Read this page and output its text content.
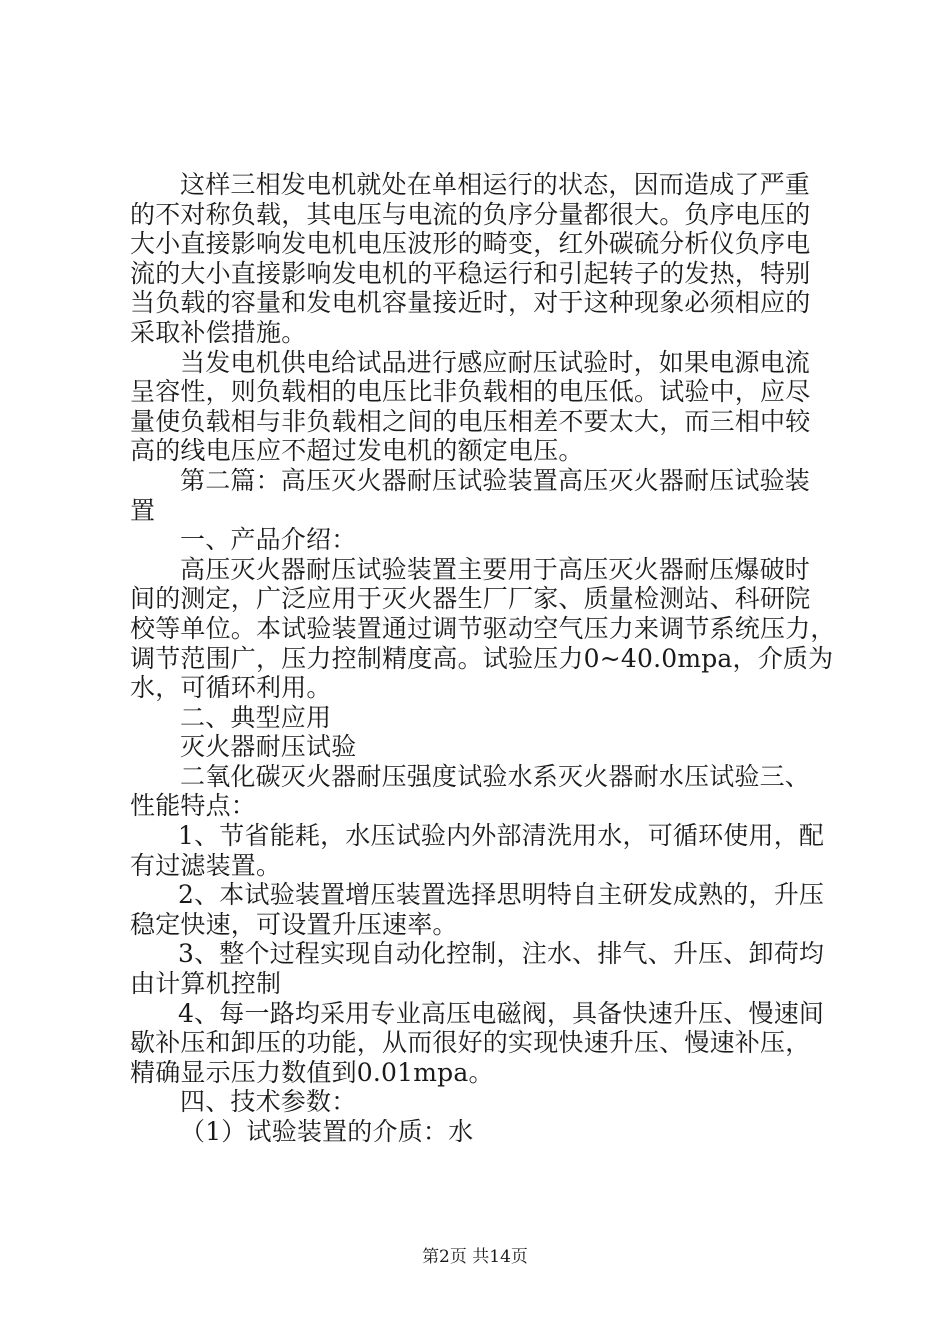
这样三相发电机就处在单相运行的状态，因而造成了严重
的不对称负载，其电压与电流的负序分量都很大。负序电压的
大小直接影响发电机电压波形的畸变，红外碳硫分析仪负序电
流的大小直接影响发电机的平稳运行和引起转子的发热，特别
当负载的容量和发电机容量接近时，对于这种现象必须相应的
采取补偿措施。
当发电机供电给试品进行感应耐压试验时，如果电源电流
呈容性，则负载相的电压比非负载相的电压低。试验中，应尽
量使负载相与非负载相之间的电压相差不要太大，而三相中较
高的线电压应不超过发电机的额定电压。
第二篇：高压灭火器耐压试验装置高压灭火器耐压试验装
置
一、产品介绍：
高压灭火器耐压试验装置主要用于高压灭火器耐压爆破时
间的测定，广泛应用于灭火器生厂厂家、质量检测站、科研院
校等单位。本试验装置通过调节驱动空气压力来调节系统压力，
调节范围广，压力控制精度高。试验压力0~40.0mpa，介质为
水，可循环利用。
二、典型应用
灭火器耐压试验
二氧化碳灭火器耐压强度试验水系灭火器耐水压试验三、
性能特点：
1、节省能耗，水压试验内外部清洗用水，可循环使用，配
有过滤装置。
2、本试验装置增压装置选择思明特自主研发成熟的，升压
稳定快速，可设置升压速率。
3、整个过程实现自动化控制，注水、排气、升压、卸荷均
由计算机控制
4、每一路均采用专业高压电磁阀，具备快速升压、慢速间
歇补压和卸压的功能，从而很好的实现快速升压、慢速补压，
精确显示压力数值到0.01mpa。
四、技术参数：
（1）试验装置的介质：水
第2页 共14页
